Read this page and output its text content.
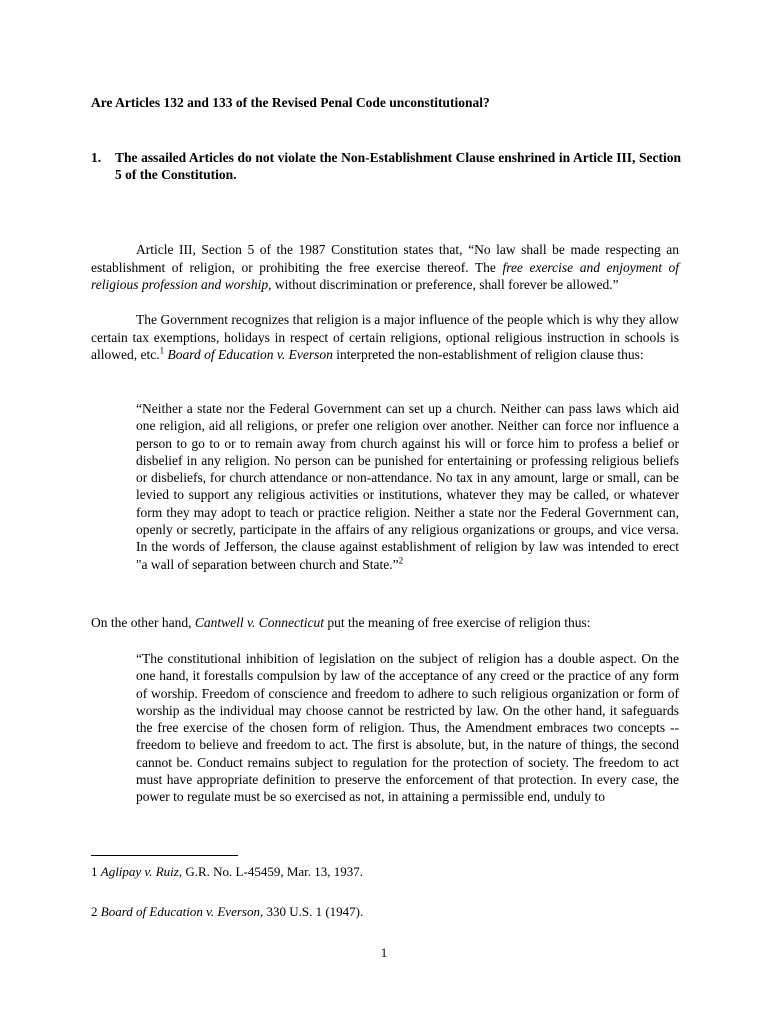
Are Articles 132 and 133 of the Revised Penal Code unconstitutional?
1. The assailed Articles do not violate the Non-Establishment Clause enshrined in Article III, Section 5 of the Constitution.

Article III, Section 5 of the 1987 Constitution states that, “No law shall be made respecting an establishment of religion, or prohibiting the free exercise thereof. The free exercise and enjoyment of religious profession and worship, without discrimination or preference, shall forever be allowed.”

The Government recognizes that religion is a major influence of the people which is why they allow certain tax exemptions, holidays in respect of certain religions, optional religious instruction in schools is allowed, etc.$^1$ Board of Education v. Everson interpreted the non-establishment of religion clause thus:

“Neither a state nor the Federal Government can set up a church. Neither can pass laws which aid one religion, aid all religions, or prefer one religion over another. Neither can force nor influence a person to go to or to remain away from church against his will or force him to profess a belief or disbelief in any religion. No person can be punished for entertaining or professing religious beliefs or disbeliefs, for church attendance or non-attendance. No tax in any amount, large or small, can be levied to support any religious activities or institutions, whatever they may be called, or whatever form they may adopt to teach or practice religion. Neither a state nor the Federal Government can, openly or secretly, participate in the affairs of any religious organizations or groups, and vice versa. In the words of Jefferson, the clause against establishment of religion by law was intended to erect "a wall of separation between church and State.”$^2$

On the other hand, Cantwell v. Connecticut put the meaning of free exercise of religion thus:

“The constitutional inhibition of legislation on the subject of religion has a double aspect. On the one hand, it forestalls compulsion by law of the acceptance of any creed or the practice of any form of worship. Freedom of conscience and freedom to adhere to such religious organization or form of worship as the individual may choose cannot be restricted by law. On the other hand, it safeguards the free exercise of the chosen form of religion. Thus, the Amendment embraces two concepts -- freedom to believe and freedom to act. The first is absolute, but, in the nature of things, the second cannot be. Conduct remains subject to regulation for the protection of society. The freedom to act must have appropriate definition to preserve the enforcement of that protection. In every case, the power to regulate must be so exercised as not, in attaining a permissible end, unduly to

1 Aglipay v. Ruiz, G.R. No. L-45459, Mar. 13, 1937.
2 Board of Education v. Everson, 330 U.S. 1 (1947).
1
